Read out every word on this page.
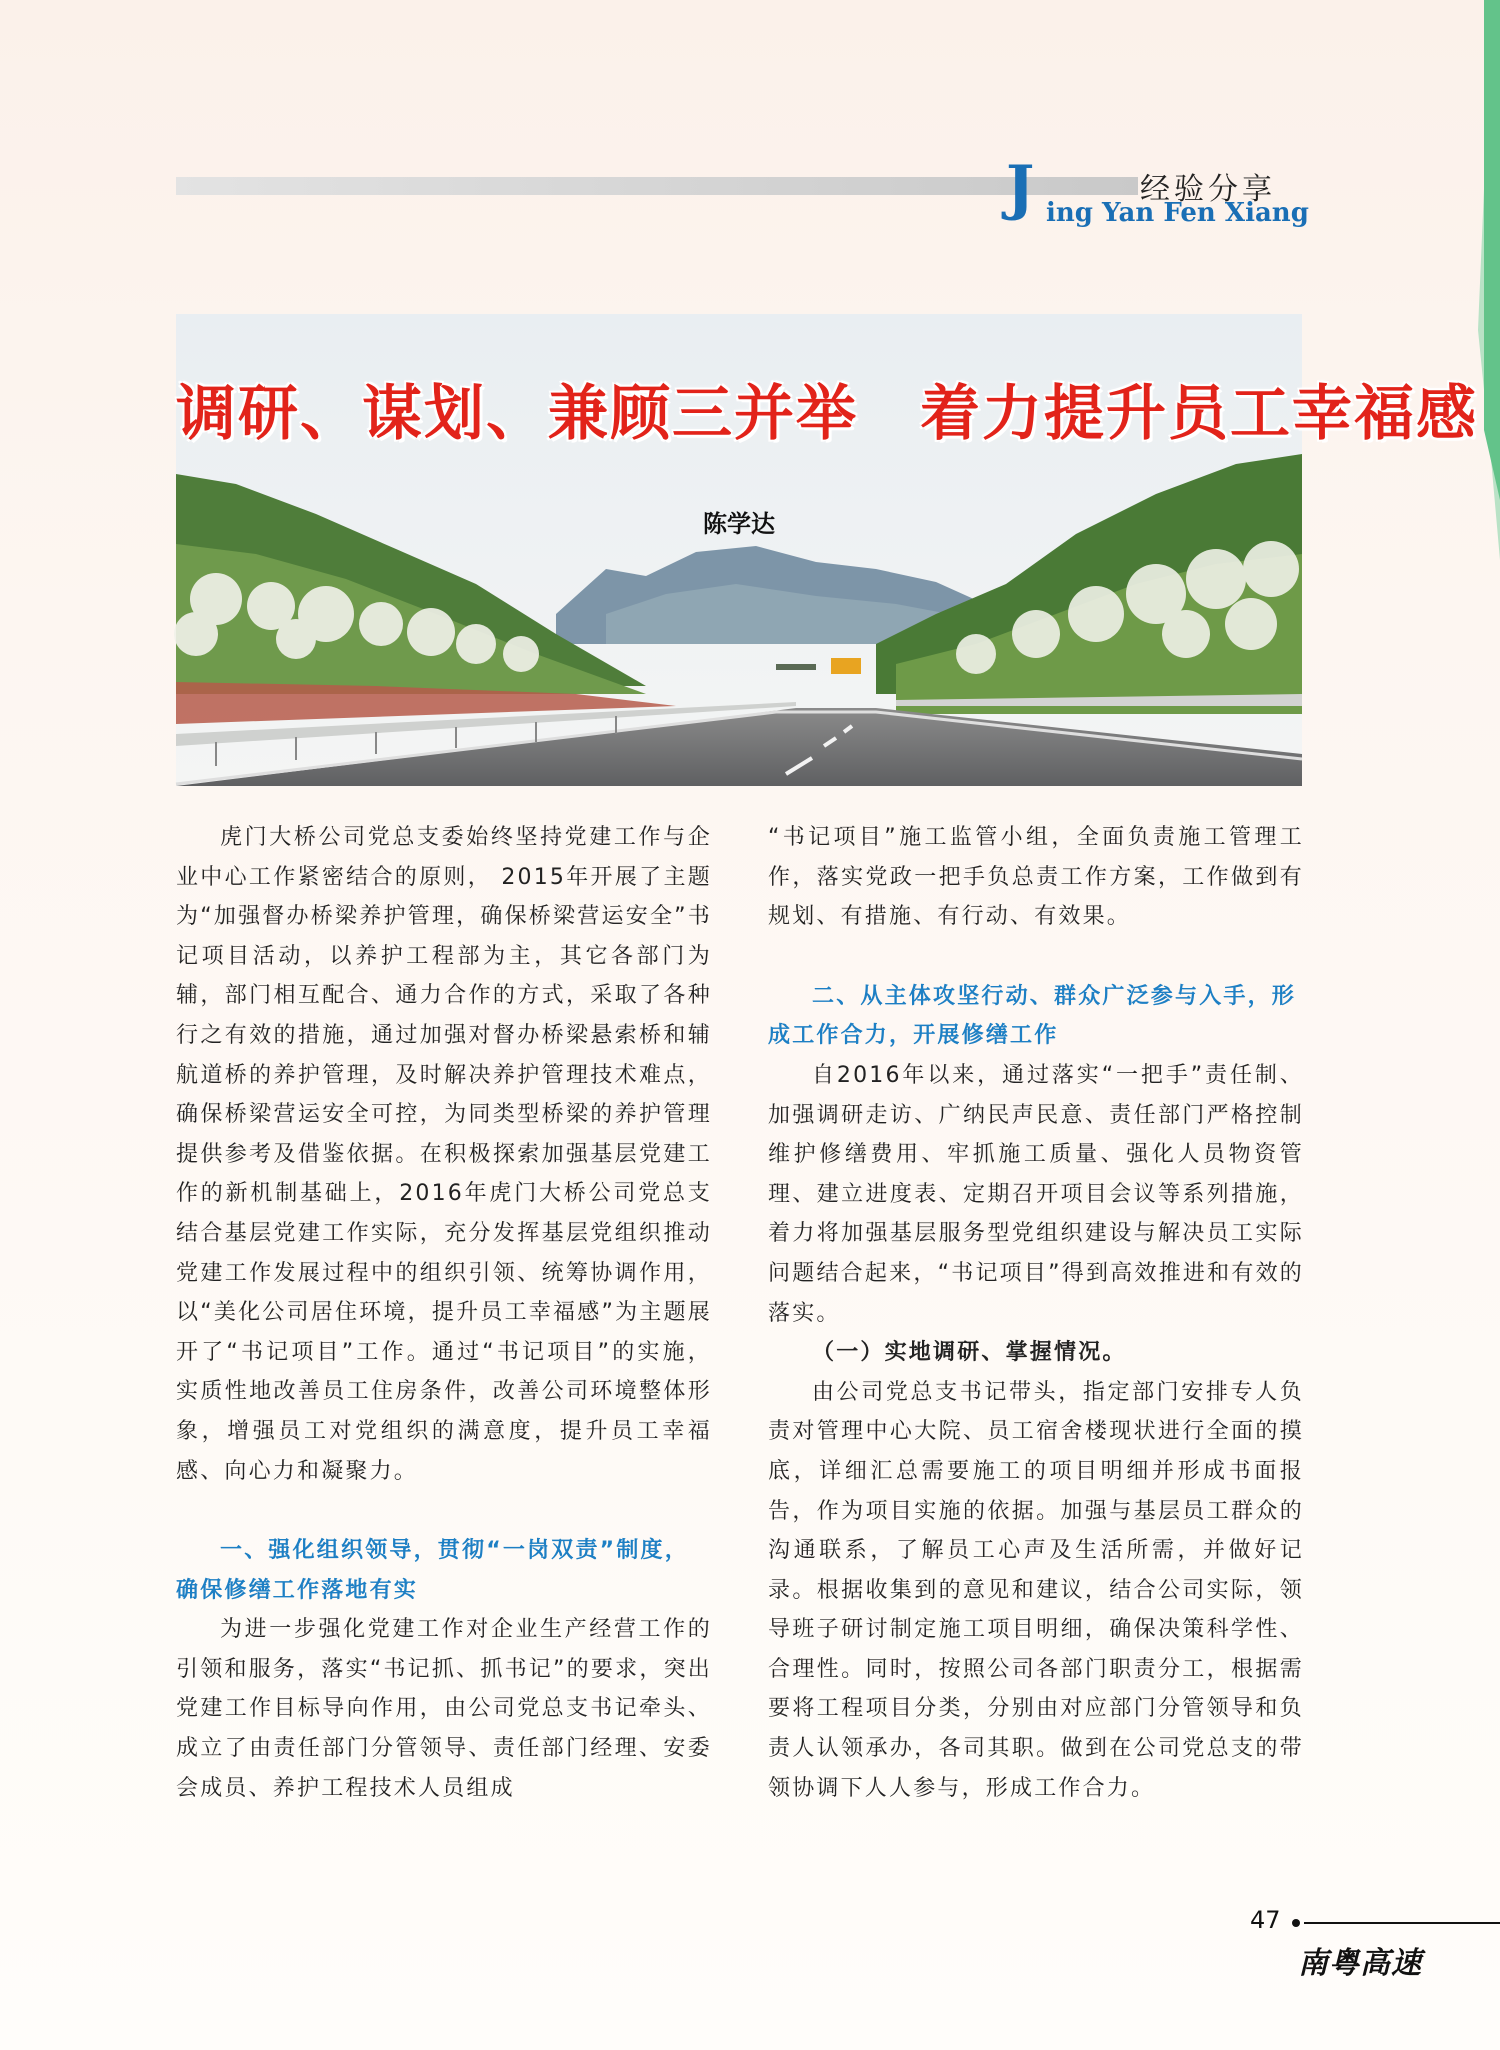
经验分享
J ing Yan Fen Xiang
调研、谋划、兼顾三并举　着力提升员工幸福感
陈学达

虎门大桥公司党总支委始终坚持党建工作与企业中心工作紧密结合的原则， 2015年开展了主题为“加强督办桥梁养护管理，确保桥梁营运安全”书记项目活动，以养护工程部为主，其它各部门为辅，部门相互配合、通力合作的方式，采取了各种行之有效的措施，通过加强对督办桥梁悬索桥和辅航道桥的养护管理，及时解决养护管理技术难点，确保桥梁营运安全可控，为同类型桥梁的养护管理提供参考及借鉴依据。在积极探索加强基层党建工作的新机制基础上，2016年虎门大桥公司党总支结合基层党建工作实际，充分发挥基层党组织推动党建工作发展过程中的组织引领、统筹协调作用，以“美化公司居住环境，提升员工幸福感”为主题展开了“书记项目”工作。通过“书记项目”的实施，实质性地改善员工住房条件，改善公司环境整体形象，增强员工对党组织的满意度，提升员工幸福感、向心力和凝聚力。

一、强化组织领导，贯彻“一岗双责”制度，确保修缮工作落地有实

为进一步强化党建工作对企业生产经营工作的引领和服务，落实“书记抓、抓书记”的要求，突出党建工作目标导向作用，由公司党总支书记牵头、成立了由责任部门分管领导、责任部门经理、安委会成员、养护工程技术人员组成

“书记项目”施工监管小组，全面负责施工管理工作，落实党政一把手负总责工作方案，工作做到有规划、有措施、有行动、有效果。

二、从主体攻坚行动、群众广泛参与入手，形成工作合力，开展修缮工作

自2016年以来，通过落实“一把手”责任制、加强调研走访、广纳民声民意、责任部门严格控制维护修缮费用、牢抓施工质量、强化人员物资管理、建立进度表、定期召开项目会议等系列措施，着力将加强基层服务型党组织建设与解决员工实际问题结合起来，“书记项目”得到高效推进和有效的落实。

（一）实地调研、掌握情况。

由公司党总支书记带头，指定部门安排专人负责对管理中心大院、员工宿舍楼现状进行全面的摸底，详细汇总需要施工的项目明细并形成书面报告，作为项目实施的依据。加强与基层员工群众的沟通联系，了解员工心声及生活所需，并做好记录。根据收集到的意见和建议，结合公司实际，领导班子研讨制定施工项目明细，确保决策科学性、合理性。同时，按照公司各部门职责分工，根据需要将工程项目分类，分别由对应部门分管领导和负责人认领承办，各司其职。做到在公司党总支的带领协调下人人参与，形成工作合力。

47
南粤高速
